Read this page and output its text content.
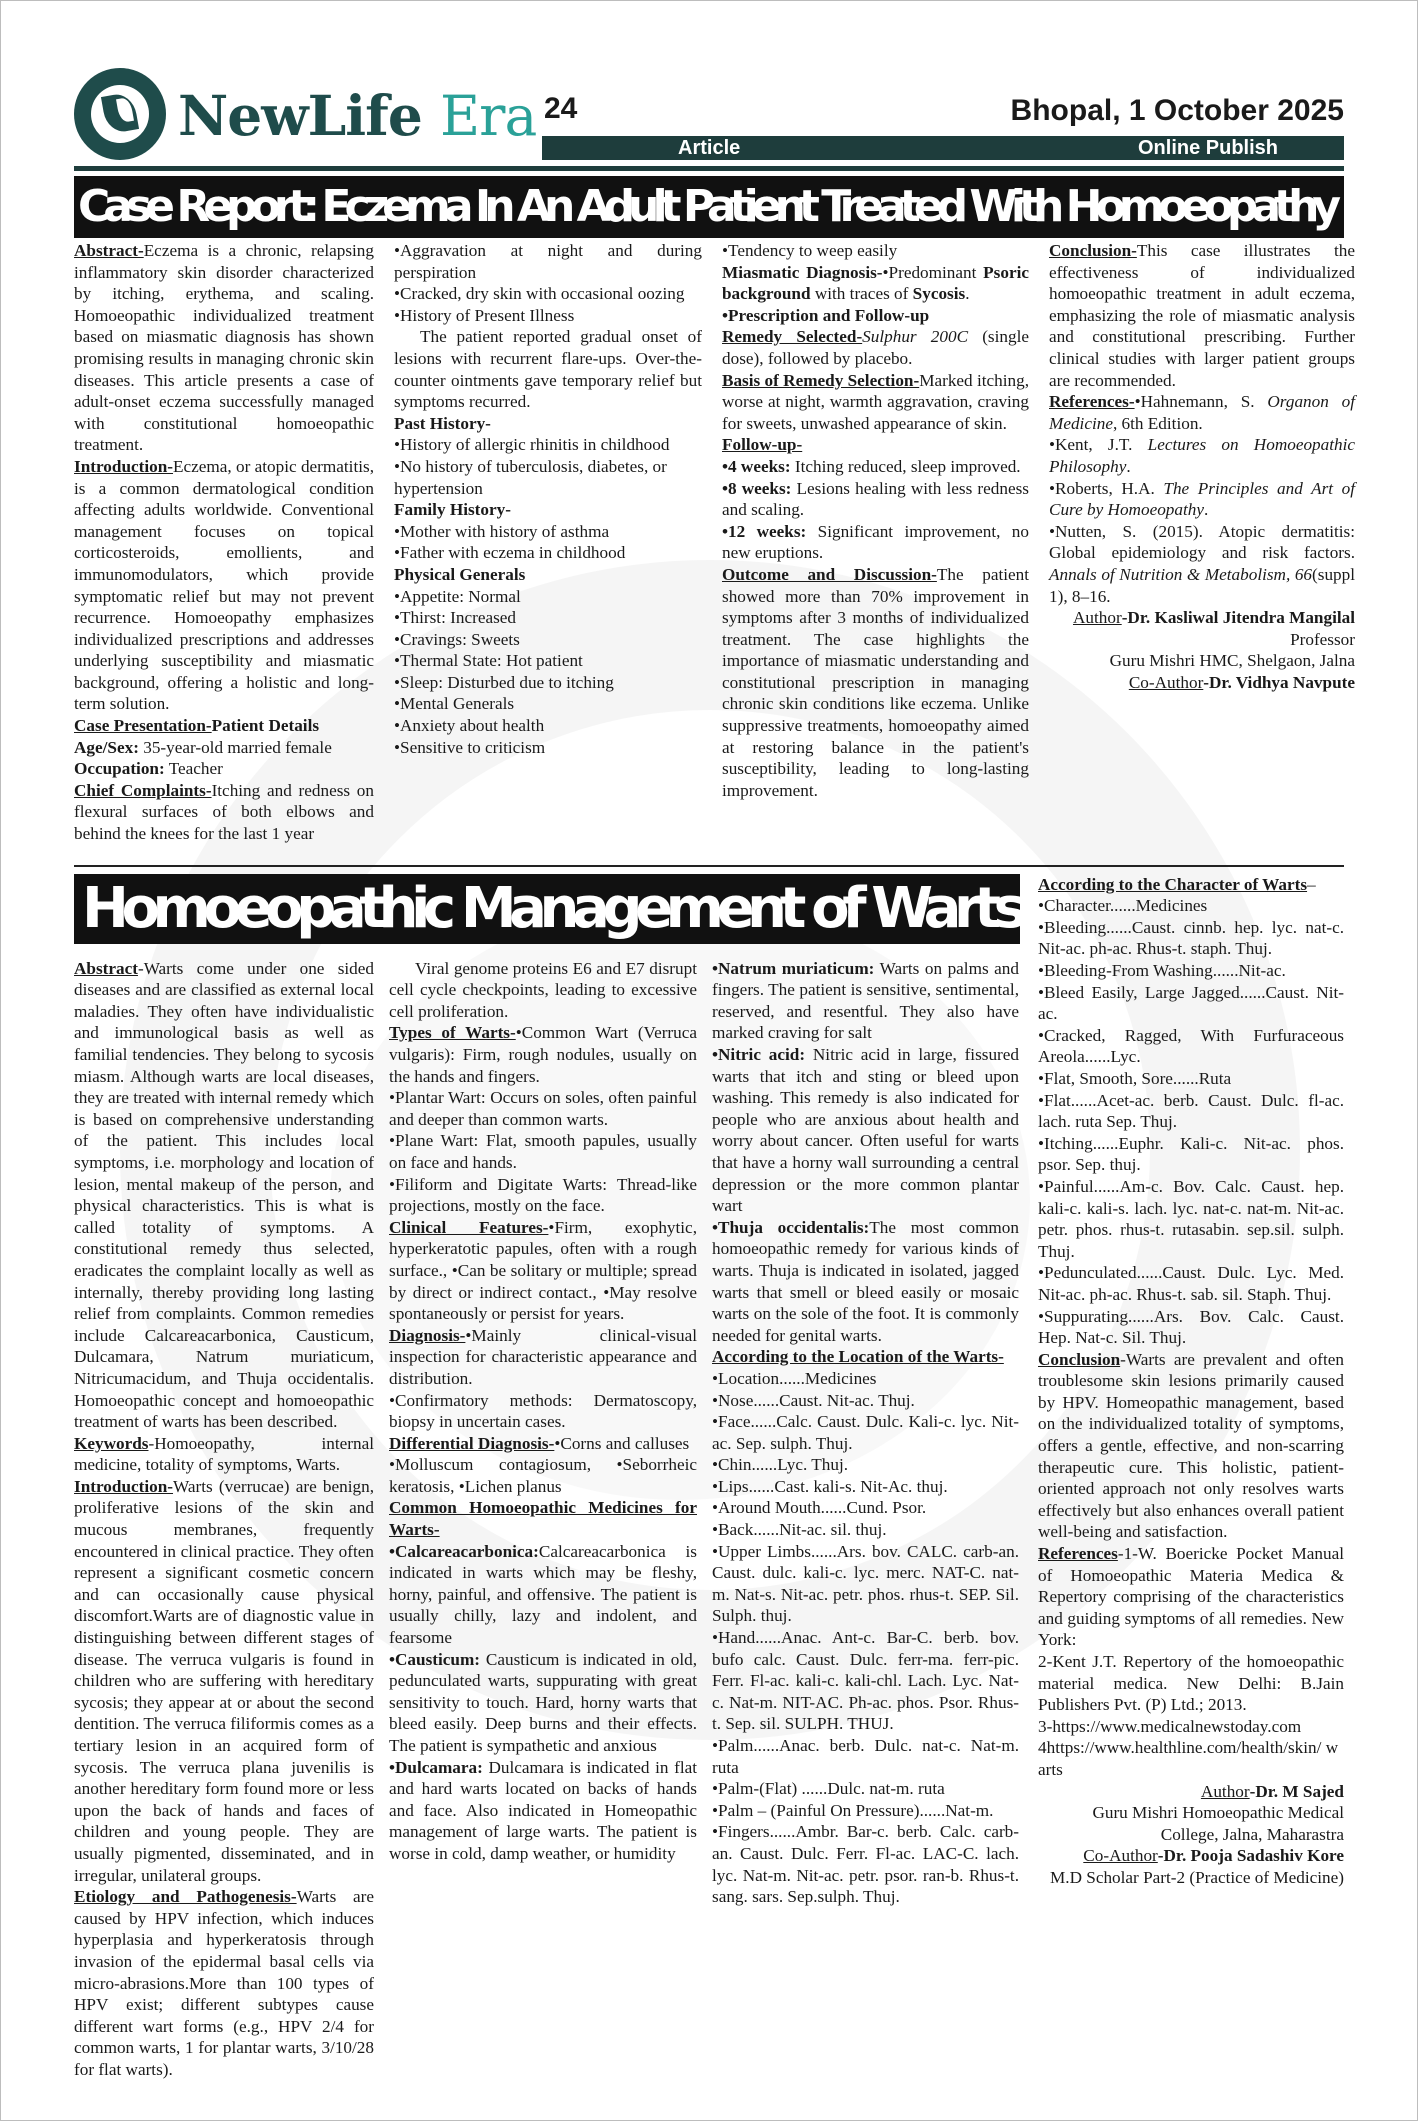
NewLife Era 24	Bhopal, 1 October 2025
Article	Online Publish
Case Report: Eczema In An Adult Patient Treated With Homoeopathy

Abstract-Eczema is a chronic, relapsing inflammatory skin disorder characterized by itching, erythema, and scaling. Homoeopathic individualized treatment based on miasmatic diagnosis has shown promising results in managing chronic skin diseases. This article presents a case of adult-onset eczema successfully managed with constitutional homoeopathic treatment.

Introduction-Eczema, or atopic dermatitis, is a common dermatological condition affecting adults worldwide. Conventional management focuses on topical corticosteroids, emollients, and immunomodulators, which provide symptomatic relief but may not prevent recurrence. Homoeopathy emphasizes individualized prescriptions and addresses underlying susceptibility and miasmatic background, offering a holistic and long-term solution.

Case Presentation-Patient Details

Age/Sex: 35-year-old married female

Occupation: Teacher

Chief Complaints-Itching and redness on flexural surfaces of both elbows and behind the knees for the last 1 year

•Aggravation at night and during perspiration

•Cracked, dry skin with occasional oozing

•History of Present Illness

The patient reported gradual onset of lesions with recurrent flare-ups. Over-the-counter ointments gave temporary relief but symptoms recurred.

Past History-

•History of allergic rhinitis in childhood

•No history of tuberculosis, diabetes, or hypertension

Family History-

•Mother with history of asthma

•Father with eczema in childhood

Physical Generals

•Appetite: Normal

•Thirst: Increased

•Cravings: Sweets

•Thermal State: Hot patient

•Sleep: Disturbed due to itching

•Mental Generals

•Anxiety about health

•Sensitive to criticism

•Tendency to weep easily

Miasmatic Diagnosis-•Predominant Psoric background with traces of Sycosis.

•Prescription and Follow-up

Remedy Selected-Sulphur 200C (single dose), followed by placebo.

Basis of Remedy Selection-Marked itching, worse at night, warmth aggravation, craving for sweets, unwashed appearance of skin.

Follow-up-

•4 weeks: Itching reduced, sleep improved.

•8 weeks: Lesions healing with less redness and scaling.

•12 weeks: Significant improvement, no new eruptions.

Outcome and Discussion-The patient showed more than 70% improvement in symptoms after 3 months of individualized treatment. The case highlights the importance of miasmatic understanding and constitutional prescription in managing chronic skin conditions like eczema. Unlike suppressive treatments, homoeopathy aimed at restoring balance in the patient's susceptibility, leading to long-lasting improvement.

Conclusion-This case illustrates the effectiveness of individualized homoeopathic treatment in adult eczema, emphasizing the role of miasmatic analysis and constitutional prescribing. Further clinical studies with larger patient groups are recommended.

References-•Hahnemann, S. Organon of Medicine, 6th Edition.

•Kent, J.T. Lectures on Homoeopathic Philosophy.

•Roberts, H.A. The Principles and Art of Cure by Homoeopathy.

•Nutten, S. (2015). Atopic dermatitis: Global epidemiology and risk factors. Annals of Nutrition & Metabolism, 66(suppl 1), 8–16.

Author-Dr. Kasliwal Jitendra Mangilal

Professor

Guru Mishri HMC, Shelgaon, Jalna

Co-Author-Dr. Vidhya Navpute

Homoeopathic Management of Warts

Abstract-Warts come under one sided diseases and are classified as external local maladies. They often have individualistic and immunological basis as well as familial tendencies. They belong to sycosis miasm. Although warts are local diseases, they are treated with internal remedy which is based on comprehensive understanding of the patient. This includes local symptoms, i.e. morphology and location of lesion, mental makeup of the person, and physical characteristics. This is what is called totality of symptoms. A constitutional remedy thus selected, eradicates the complaint locally as well as internally, thereby providing long lasting relief from complaints. Common remedies include Calcareacarbonica, Causticum, Dulcamara, Natrum muriaticum, Nitricumacidum, and Thuja occidentalis. Homoeopathic concept and homoeopathic treatment of warts has been described.

Keywords-Homoeopathy, internal medicine, totality of symptoms, Warts.

Introduction-Warts (verrucae) are benign, proliferative lesions of the skin and mucous membranes, frequently encountered in clinical practice. They often represent a significant cosmetic concern and can occasionally cause physical discomfort.Warts are of diagnostic value in distinguishing between different stages of disease. The verruca vulgaris is found in children who are suffering with hereditary sycosis; they appear at or about the second dentition. The verruca filiformis comes as a tertiary lesion in an acquired form of sycosis. The verruca plana juvenilis is another hereditary form found more or less upon the back of hands and faces of children and young people. They are usually pigmented, disseminated, and in irregular, unilateral groups.

Etiology and Pathogenesis-Warts are caused by HPV infection, which induces hyperplasia and hyperkeratosis through invasion of the epidermal basal cells via micro-abrasions.More than 100 types of HPV exist; different subtypes cause different wart forms (e.g., HPV 2/4 for common warts, 1 for plantar warts, 3/10/28 for flat warts).

Viral genome proteins E6 and E7 disrupt cell cycle checkpoints, leading to excessive cell proliferation.

Types of Warts-•Common Wart (Verruca vulgaris): Firm, rough nodules, usually on the hands and fingers.

•Plantar Wart: Occurs on soles, often painful and deeper than common warts.

•Plane Wart: Flat, smooth papules, usually on face and hands.

•Filiform and Digitate Warts: Thread-like projections, mostly on the face.

Clinical Features-•Firm, exophytic, hyperkeratotic papules, often with a rough surface., •Can be solitary or multiple; spread by direct or indirect contact., •May resolve spontaneously or persist for years.

Diagnosis-•Mainly clinical-visual inspection for characteristic appearance and distribution.

•Confirmatory methods: Dermatoscopy, biopsy in uncertain cases.

Differential Diagnosis-•Corns and calluses

•Molluscum contagiosum, •Seborrheic keratosis, •Lichen planus

Common Homoeopathic Medicines for Warts-

•Calcareacarbonica:Calcareacarbonica is indicated in warts which may be fleshy, horny, painful, and offensive. The patient is usually chilly, lazy and indolent, and fearsome

•Causticum: Causticum is indicated in old, pedunculated warts, suppurating with great sensitivity to touch. Hard, horny warts that bleed easily. Deep burns and their effects. The patient is sympathetic and anxious

•Dulcamara: Dulcamara is indicated in flat and hard warts located on backs of hands and face. Also indicated in Homeopathic management of large warts. The patient is worse in cold, damp weather, or humidity

•Natrum muriaticum: Warts on palms and fingers. The patient is sensitive, sentimental, reserved, and resentful. They also have marked craving for salt

•Nitric acid: Nitric acid in large, fissured warts that itch and sting or bleed upon washing. This remedy is also indicated for people who are anxious about health and worry about cancer. Often useful for warts that have a horny wall surrounding a central depression or the more common plantar wart

•Thuja occidentalis:The most common homoeopathic remedy for various kinds of warts. Thuja is indicated in isolated, jagged warts that smell or bleed easily or mosaic warts on the sole of the foot. It is commonly needed for genital warts.

According to the Location of the Warts-

•Location......Medicines

•Nose......Caust. Nit-ac. Thuj.

•Face......Calc. Caust. Dulc. Kali-c. lyc. Nit-ac. Sep. sulph. Thuj.

•Chin......Lyc. Thuj.

•Lips......Cast. kali-s. Nit-Ac. thuj.

•Around Mouth......Cund. Psor.

•Back......Nit-ac. sil. thuj.

•Upper Limbs......Ars. bov. CALC. carb-an. Caust. dulc. kali-c. lyc. merc. NAT-C. nat-m. Nat-s. Nit-ac. petr. phos. rhus-t. SEP. Sil. Sulph. thuj.

•Hand......Anac. Ant-c. Bar-C. berb. bov. bufo calc. Caust. Dulc. ferr-ma. ferr-pic. Ferr. Fl-ac. kali-c. kali-chl. Lach. Lyc. Nat-c. Nat-m. NIT-AC. Ph-ac. phos. Psor. Rhus-t. Sep. sil. SULPH. THUJ.

•Palm......Anac. berb. Dulc. nat-c. Nat-m. ruta

•Palm-(Flat) ......Dulc. nat-m. ruta

•Palm – (Painful On Pressure)......Nat-m.

•Fingers......Ambr. Bar-c. berb. Calc. carb-an. Caust. Dulc. Ferr. Fl-ac. LAC-C. lach. lyc. Nat-m. Nit-ac. petr. psor. ran-b. Rhus-t. sang. sars. Sep.sulph. Thuj.

According to the Character of Warts–

•Character......Medicines

•Bleeding......Caust. cinnb. hep. lyc. nat-c. Nit-ac. ph-ac. Rhus-t. staph. Thuj.

•Bleeding-From Washing......Nit-ac.

•Bleed Easily, Large Jagged......Caust. Nit-ac.

•Cracked, Ragged, With Furfuraceous Areola......Lyc.

•Flat, Smooth, Sore......Ruta

•Flat......Acet-ac. berb. Caust. Dulc. fl-ac. lach. ruta Sep. Thuj.

•Itching......Euphr. Kali-c. Nit-ac. phos. psor. Sep. thuj.

•Painful......Am-c. Bov. Calc. Caust. hep. kali-c. kali-s. lach. lyc. nat-c. nat-m. Nit-ac. petr. phos. rhus-t. rutasabin. sep.sil. sulph. Thuj.

•Pedunculated......Caust. Dulc. Lyc. Med. Nit-ac. ph-ac. Rhus-t. sab. sil. Staph. Thuj.

•Suppurating......Ars. Bov. Calc. Caust. Hep. Nat-c. Sil. Thuj.

Conclusion-Warts are prevalent and often troublesome skin lesions primarily caused by HPV. Homeopathic management, based on the individualized totality of symptoms, offers a gentle, effective, and non-scarring therapeutic cure. This holistic, patient-oriented approach not only resolves warts effectively but also enhances overall patient well-being and satisfaction.

References-1-W. Boericke Pocket Manual of Homoeopathic Materia Medica & Repertory comprising of the characteristics and guiding symptoms of all remedies. New York:

2-Kent J.T. Repertory of the homoeopathic material medica. New Delhi: B.Jain Publishers Pvt. (P) Ltd.; 2013.

3-https://www.medicalnewstoday.com

4https://www.healthline.com/health/skin/ warts

Author-Dr. M Sajed

Guru Mishri Homoeopathic Medical College, Jalna, Maharastra

Co-Author-Dr. Pooja Sadashiv Kore

M.D Scholar Part-2 (Practice of Medicine)
